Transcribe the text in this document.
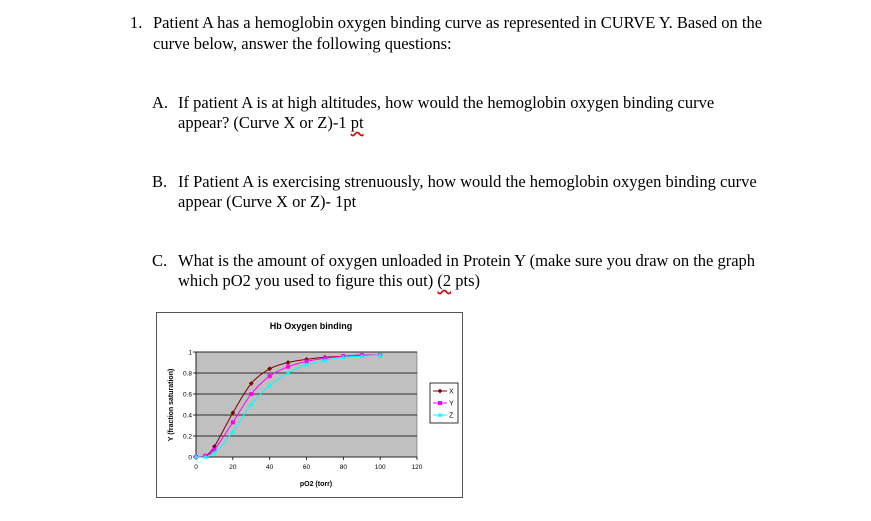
1. Patient A has a hemoglobin oxygen binding curve as represented in CURVE Y. Based on the curve below, answer the following questions:
A. If patient A is at high altitudes, how would the hemoglobin oxygen binding curve appear? (Curve X or Z)-1 pt
B. If Patient A is exercising strenuously, how would the hemoglobin oxygen binding curve appear (Curve X or Z)- 1pt
C. What is the amount of oxygen unloaded in Protein Y (make sure you draw on the graph which pO2 you used to figure this out) (2 pts)
Hb Oxygen binding
0
0.2
0.4
0.6
0.8
1
0	20	40	60	80	100	120
pO2 (torr)
Y (fraction saturation)	X
Y
Z
